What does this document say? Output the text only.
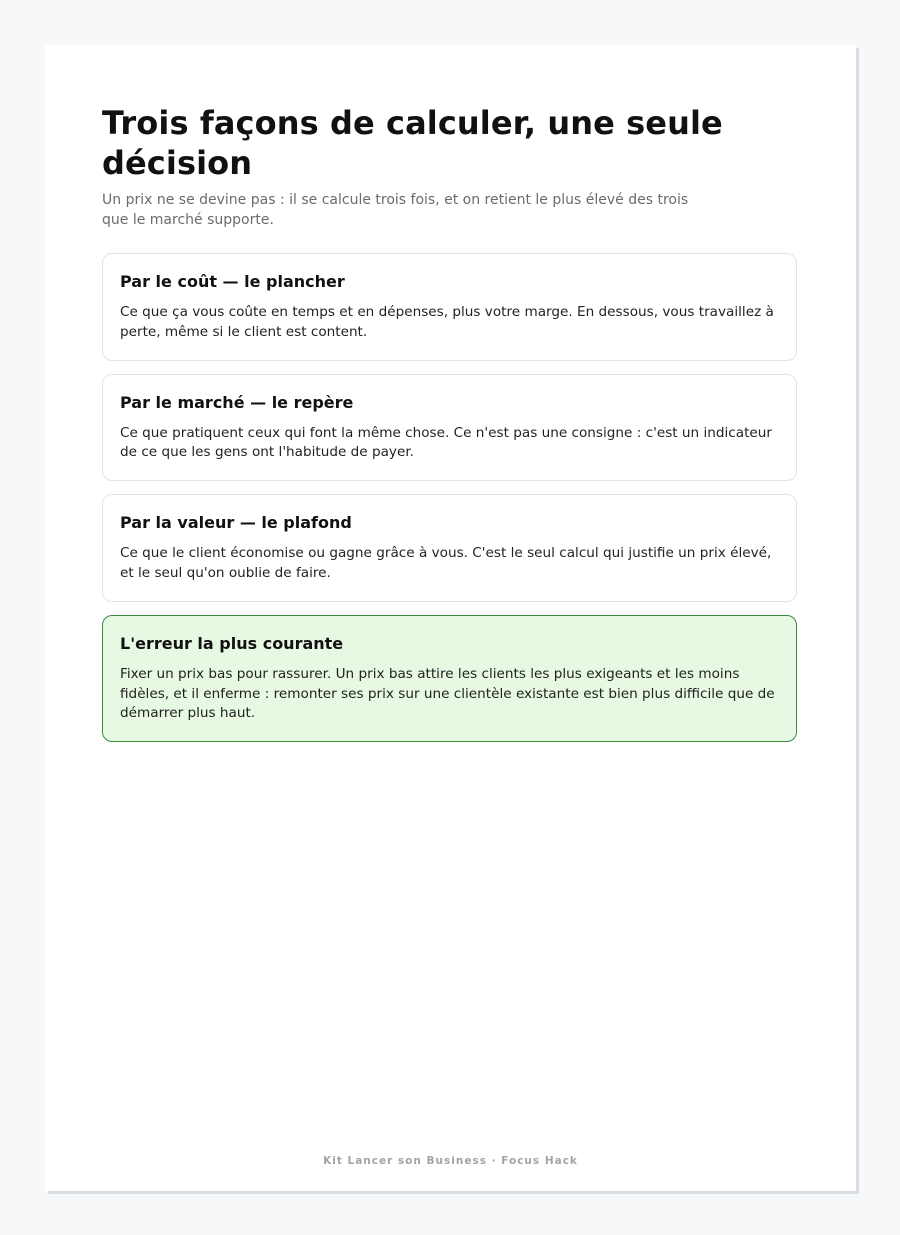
Trois façons de calculer, une seule décision

Un prix ne se devine pas : il se calcule trois fois, et on retient le plus élevé des trois que le marché supporte.

Par le coût — le plancher

Ce que ça vous coûte en temps et en dépenses, plus votre marge. En dessous, vous travaillez à perte, même si le client est content.

Par le marché — le repère

Ce que pratiquent ceux qui font la même chose. Ce n'est pas une consigne : c'est un indicateur de ce que les gens ont l'habitude de payer.

Par la valeur — le plafond

Ce que le client économise ou gagne grâce à vous. C'est le seul calcul qui justifie un prix élevé, et le seul qu'on oublie de faire.

L'erreur la plus courante

Fixer un prix bas pour rassurer. Un prix bas attire les clients les plus exigeants et les moins fidèles, et il enferme : remonter ses prix sur une clientèle existante est bien plus difficile que de démarrer plus haut.

Kit Lancer son Business · Focus Hack
